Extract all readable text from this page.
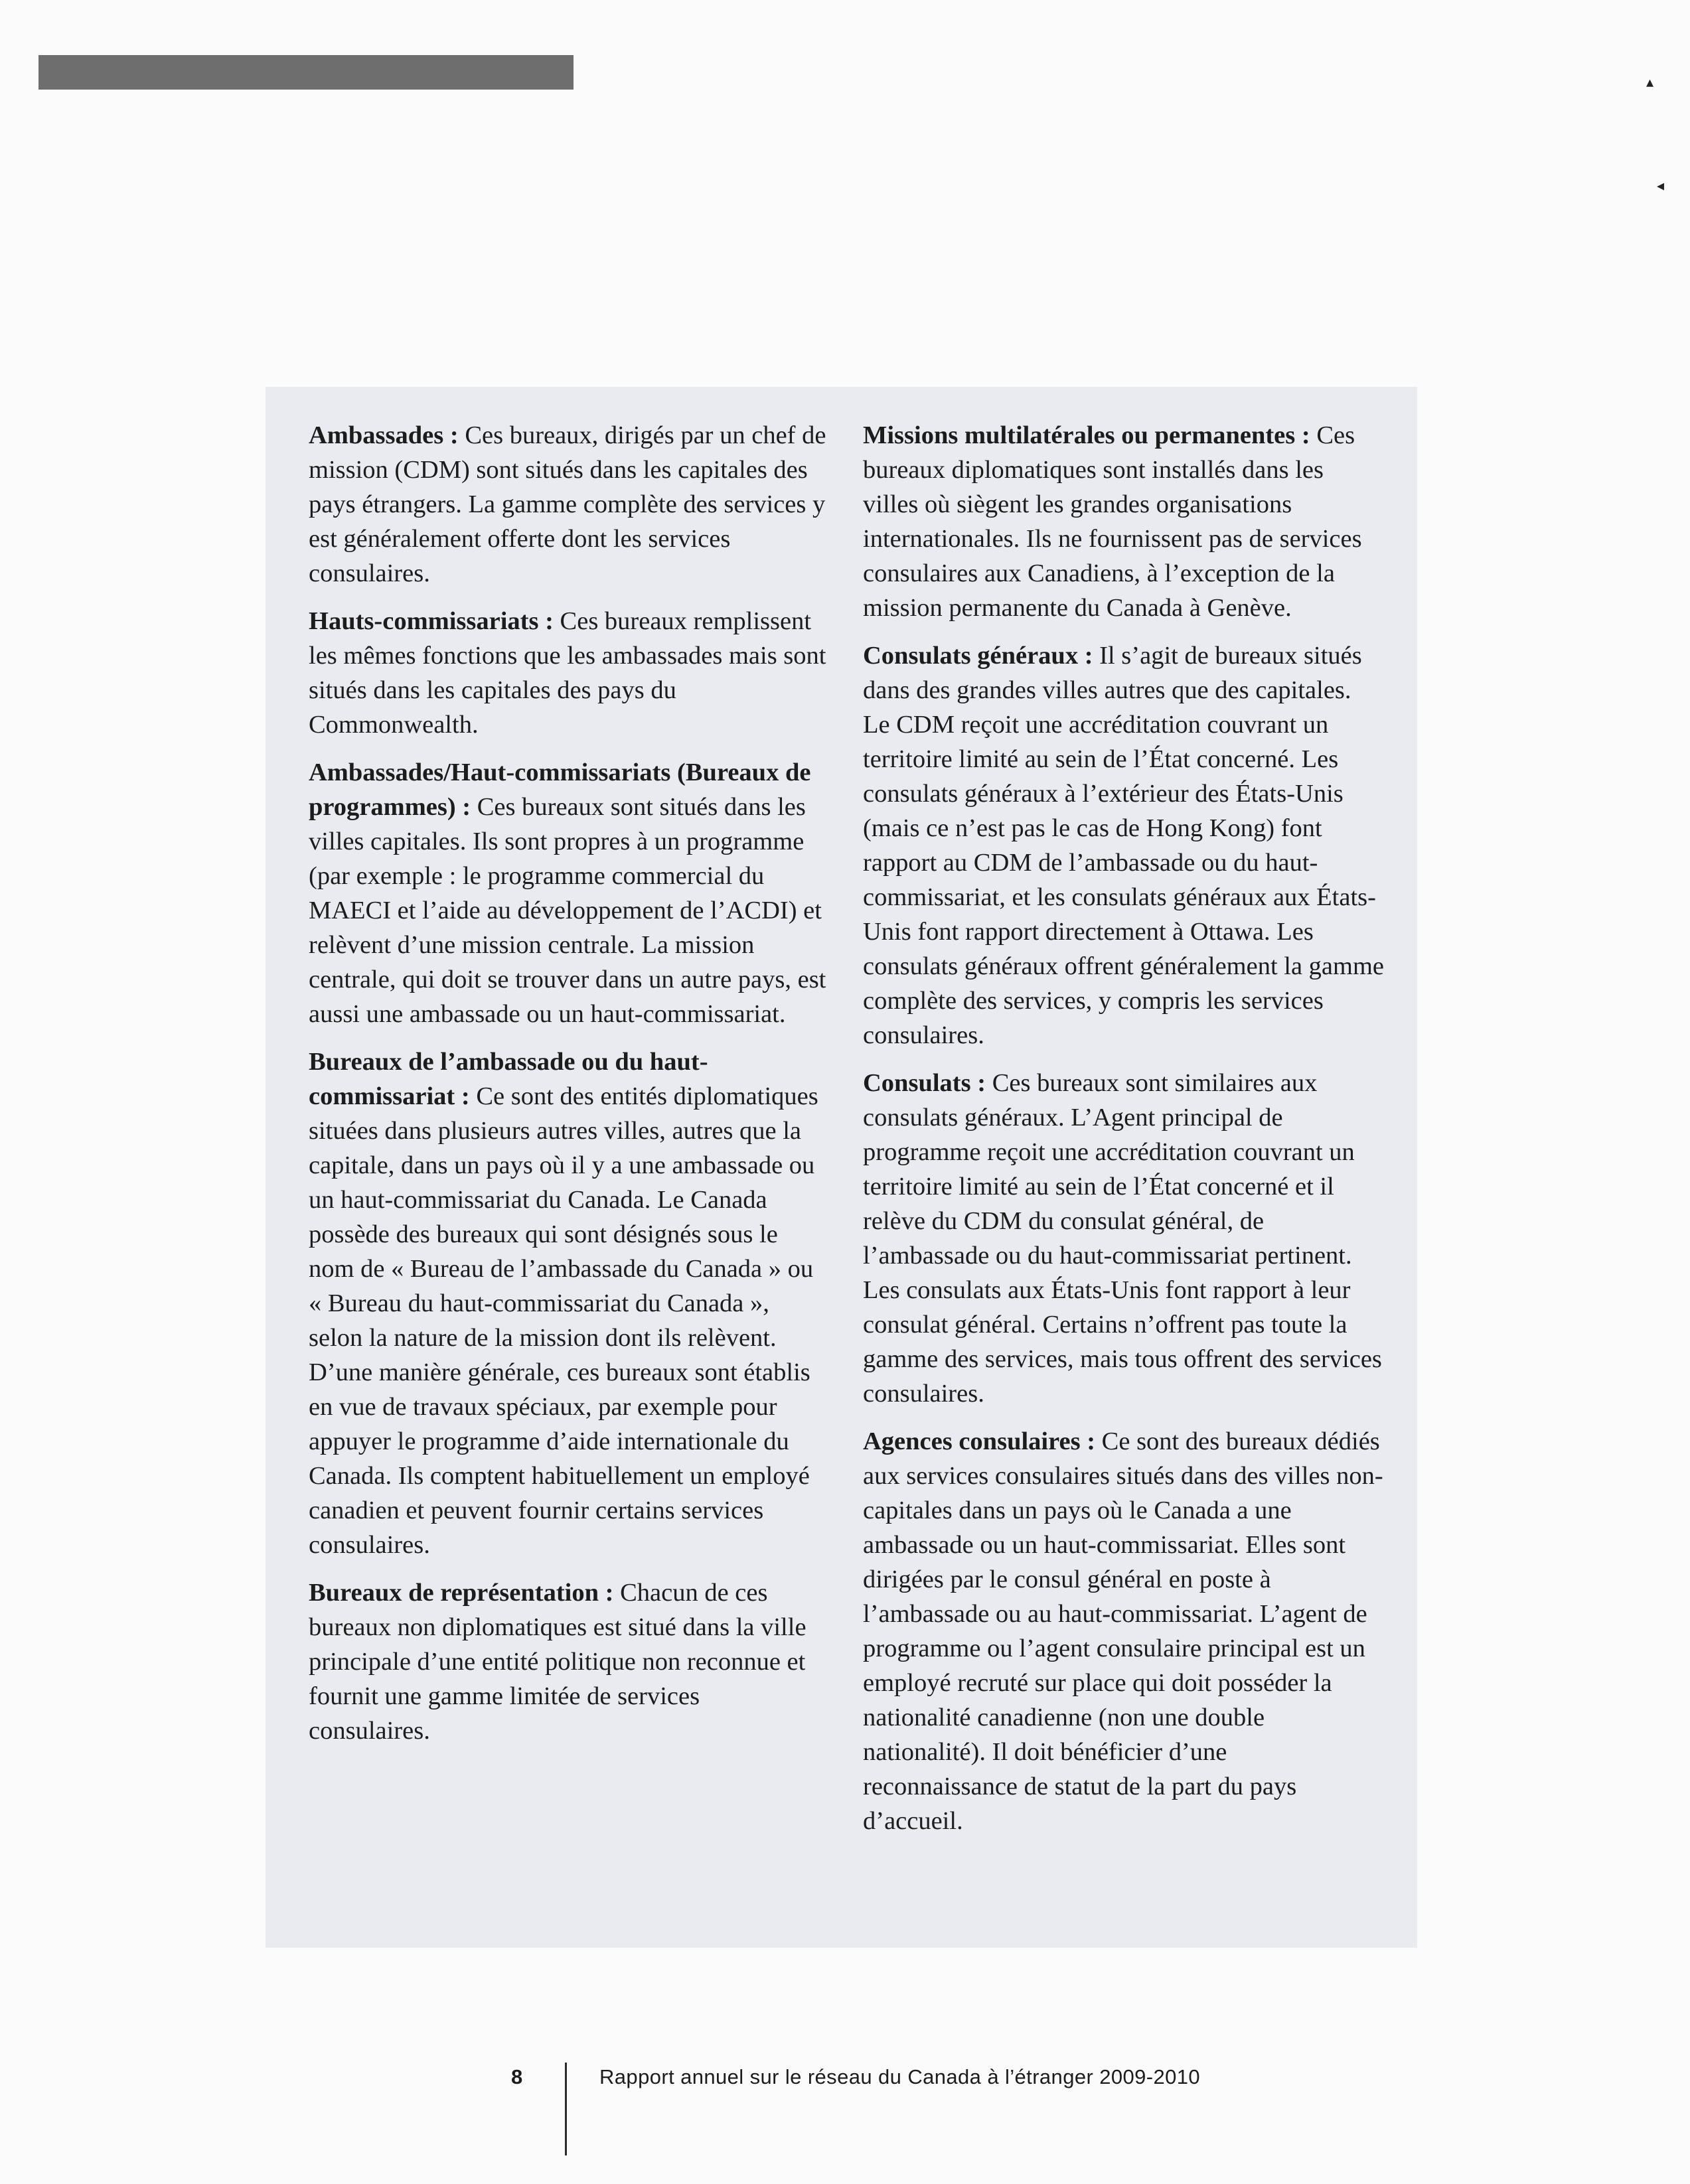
▴
◂

Ambassades : Ces bureaux, dirigés par un chef de mission (CDM) sont situés dans les capitales des pays étrangers. La gamme complète des services y est généralement offerte dont les services consulaires.

Hauts-commissariats : Ces bureaux remplissent les mêmes fonctions que les ambassades mais sont situés dans les capitales des pays du Commonwealth.

Ambassades/Haut-commissariats (Bureaux de programmes) : Ces bureaux sont situés dans les villes capitales. Ils sont propres à un programme (par exemple : le programme commercial du MAECI et l’aide au développement de l’ACDI) et relèvent d’une mission centrale. La mission centrale, qui doit se trouver dans un autre pays, est aussi une ambassade ou un haut-commissariat.

Bureaux de l’ambassade ou du haut-commissariat : Ce sont des entités diplomatiques situées dans plusieurs autres villes, autres que la capitale, dans un pays où il y a une ambassade ou un haut-commissariat du Canada. Le Canada possède des bureaux qui sont désignés sous le nom de « Bureau de l’ambassade du Canada » ou « Bureau du haut-commissariat du Canada », selon la nature de la mission dont ils relèvent. D’une manière générale, ces bureaux sont établis en vue de travaux spéciaux, par exemple pour appuyer le programme d’aide internationale du Canada. Ils comptent habituellement un employé canadien et peuvent fournir certains services consulaires.

Bureaux de représentation : Chacun de ces bureaux non diplomatiques est situé dans la ville principale d’une entité politique non reconnue et fournit une gamme limitée de services consulaires.

Missions multilatérales ou permanentes : Ces bureaux diplomatiques sont installés dans les villes où siègent les grandes organisations internationales. Ils ne fournissent pas de services consulaires aux Canadiens, à l’exception de la mission permanente du Canada à Genève.

Consulats généraux : Il s’agit de bureaux situés dans des grandes villes autres que des capitales. Le CDM reçoit une accréditation couvrant un territoire limité au sein de l’État concerné. Les consulats généraux à l’extérieur des États-Unis (mais ce n’est pas le cas de Hong Kong) font rapport au CDM de l’ambassade ou du haut-commissariat, et les consulats généraux aux États-Unis font rapport directement à Ottawa. Les consulats généraux offrent généralement la gamme complète des services, y compris les services consulaires.

Consulats : Ces bureaux sont similaires aux consulats généraux. L’Agent principal de programme reçoit une accréditation couvrant un territoire limité au sein de l’État concerné et il relève du CDM du consulat général, de l’ambassade ou du haut-commissariat pertinent. Les consulats aux États-Unis font rapport à leur consulat général. Certains n’offrent pas toute la gamme des services, mais tous offrent des services consulaires.

Agences consulaires : Ce sont des bureaux dédiés aux services consulaires situés dans des villes non-capitales dans un pays où le Canada a une ambassade ou un haut-commissariat. Elles sont dirigées par le consul général en poste à l’ambassade ou au haut-commissariat. L’agent de programme ou l’agent consulaire principal est un employé recruté sur place qui doit posséder la nationalité canadienne (non une double nationalité). Il doit bénéficier d’une reconnaissance de statut de la part du pays d’accueil.

8	Rapport annuel sur le réseau du Canada à l’étranger 2009-2010
